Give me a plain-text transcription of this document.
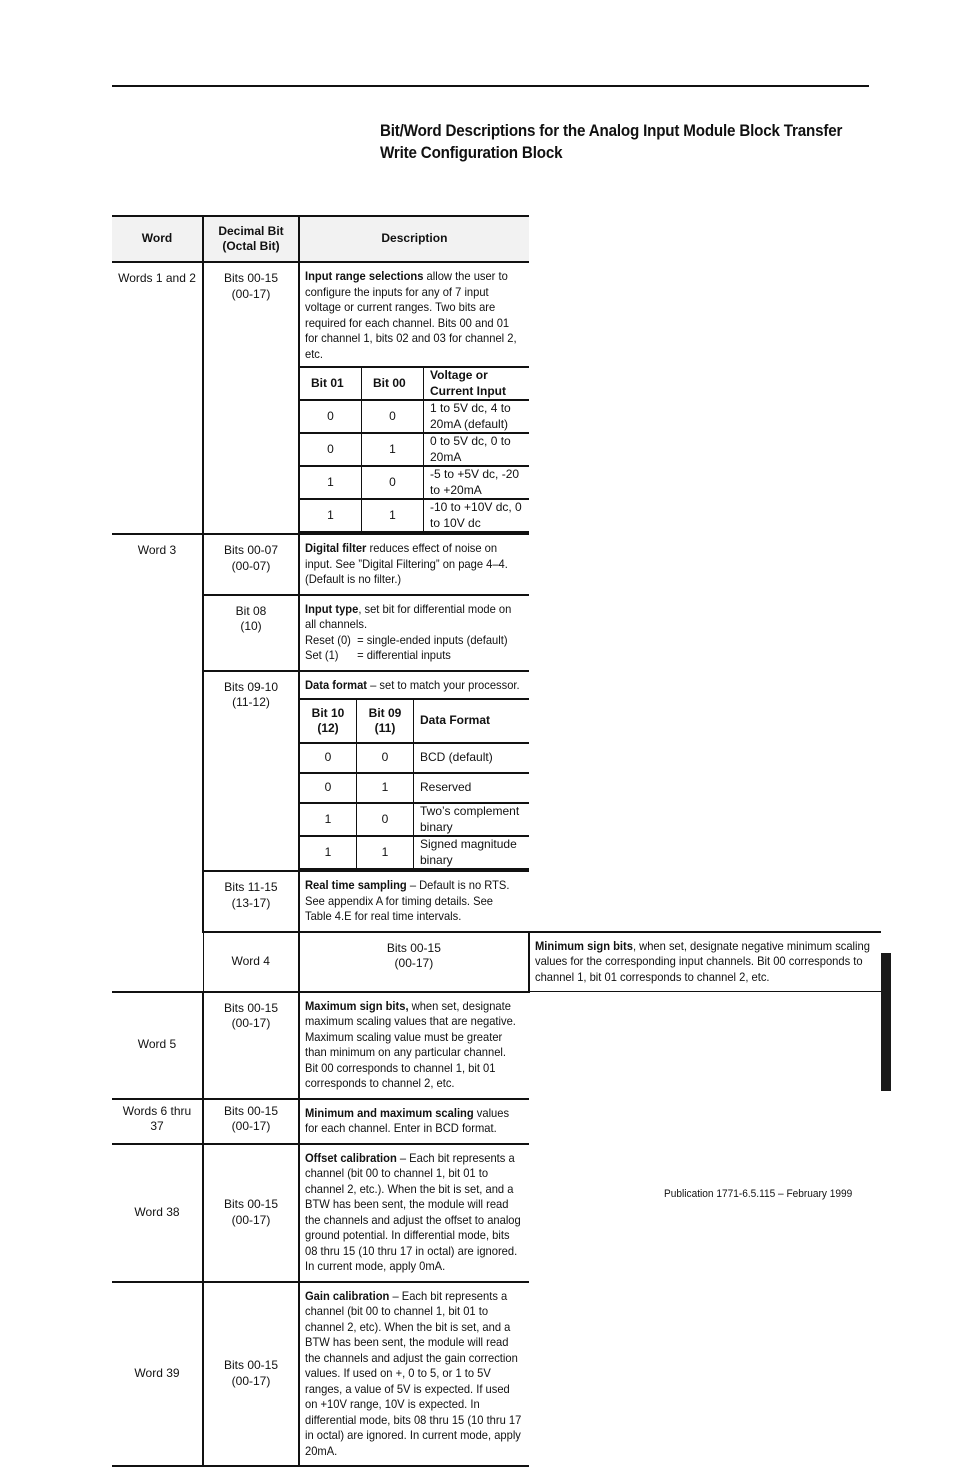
Bit/Word Descriptions for the Analog Input Module Block Transfer
Write Configuration Block
Word	
Decimal Bit
(Octal Bit)
	Description
Words 1 and 2	Bits 00-15
(00-17)

Input range selections allow the user to configure the inputs for any of 7 input voltage or current ranges. Two bits are required for each channel. Bits 00 and 01 for channel 1, bits 02 and 03 for channel 2, etc.
Bit 01	Bit 00	Voltage or Current Input
0	0	1 to 5V dc, 4 to 20mA (default)
0	1	0 to 5V dc, 0 to 20mA
1	0	-5 to +5V dc, -20 to +20mA
1	1	-10 to +10V dc, 0 to 10V dc

Word 3	Bits 00-07
(00-07)

Digital filter reduces effect of noise on input. See ”Digital Filtering” on page 4–4. (Default is no filter.)

Bit 08
(10)

Input type, set bit for differential mode on all channels.
Reset (0)  = single-ended inputs (default)
Set (1)      = differential inputs

Bits 09-10
(11-12)

Data format – set to match your processor.
Bit 10
(12)

Bit 09
(11)
	Data Format
0	0	BCD (default)
0	1	Reserved
1	0	Two’s complement binary
1	1	Signed magnitude binary

Bits 11-15
(13-17)

Real time sampling – Default is no RTS. See appendix A for timing details. See Table 4.E for real time intervals.

Word 4	
Bits 00-15
(00-17)

Minimum sign bits, when set, designate negative minimum scaling values for the corresponding input channels. Bit 00 corresponds to channel 1, bit 01 corresponds to channel 2, etc.

Word 5	
Bits 00-15
(00-17)

Maximum sign bits, when set, designate maximum scaling values that are negative. Maximum scaling value must be greater than minimum on any particular channel. Bit 00 corresponds to channel 1, bit 01 corresponds to channel 2, etc.

Words 6 thru 37	
Bits 00-15
(00-17)

Minimum and maximum scaling values for each channel. Enter in BCD format.

Word 38	
Bits 00-15
(00-17)

Offset calibration – Each bit represents a channel (bit 00 to channel 1, bit 01 to channel 2, etc.). When the bit is set, and a BTW has been sent, the module will read the channels and adjust the offset to analog ground potential. In differential mode, bits 08 thru 15 (10 thru 17 in octal) are ignored. In current mode, apply 0mA.

Word 39	
Bits 00-15
(00-17)

Gain calibration – Each bit represents a channel (bit 00 to channel 1, bit 01 to channel 2, etc). When the bit is set, and a BTW has been sent, the module will read the channels and adjust the gain correction values. If used on +, 0 to 5, or 1 to 5V ranges, a value of 5V is expected. If used on +10V range, 10V is expected. In differential mode, bits 08 thru 15 (10 thru 17 in octal) are ignored. In current mode, apply 20mA.
Publication 1771-6.5.115 – February 1999
